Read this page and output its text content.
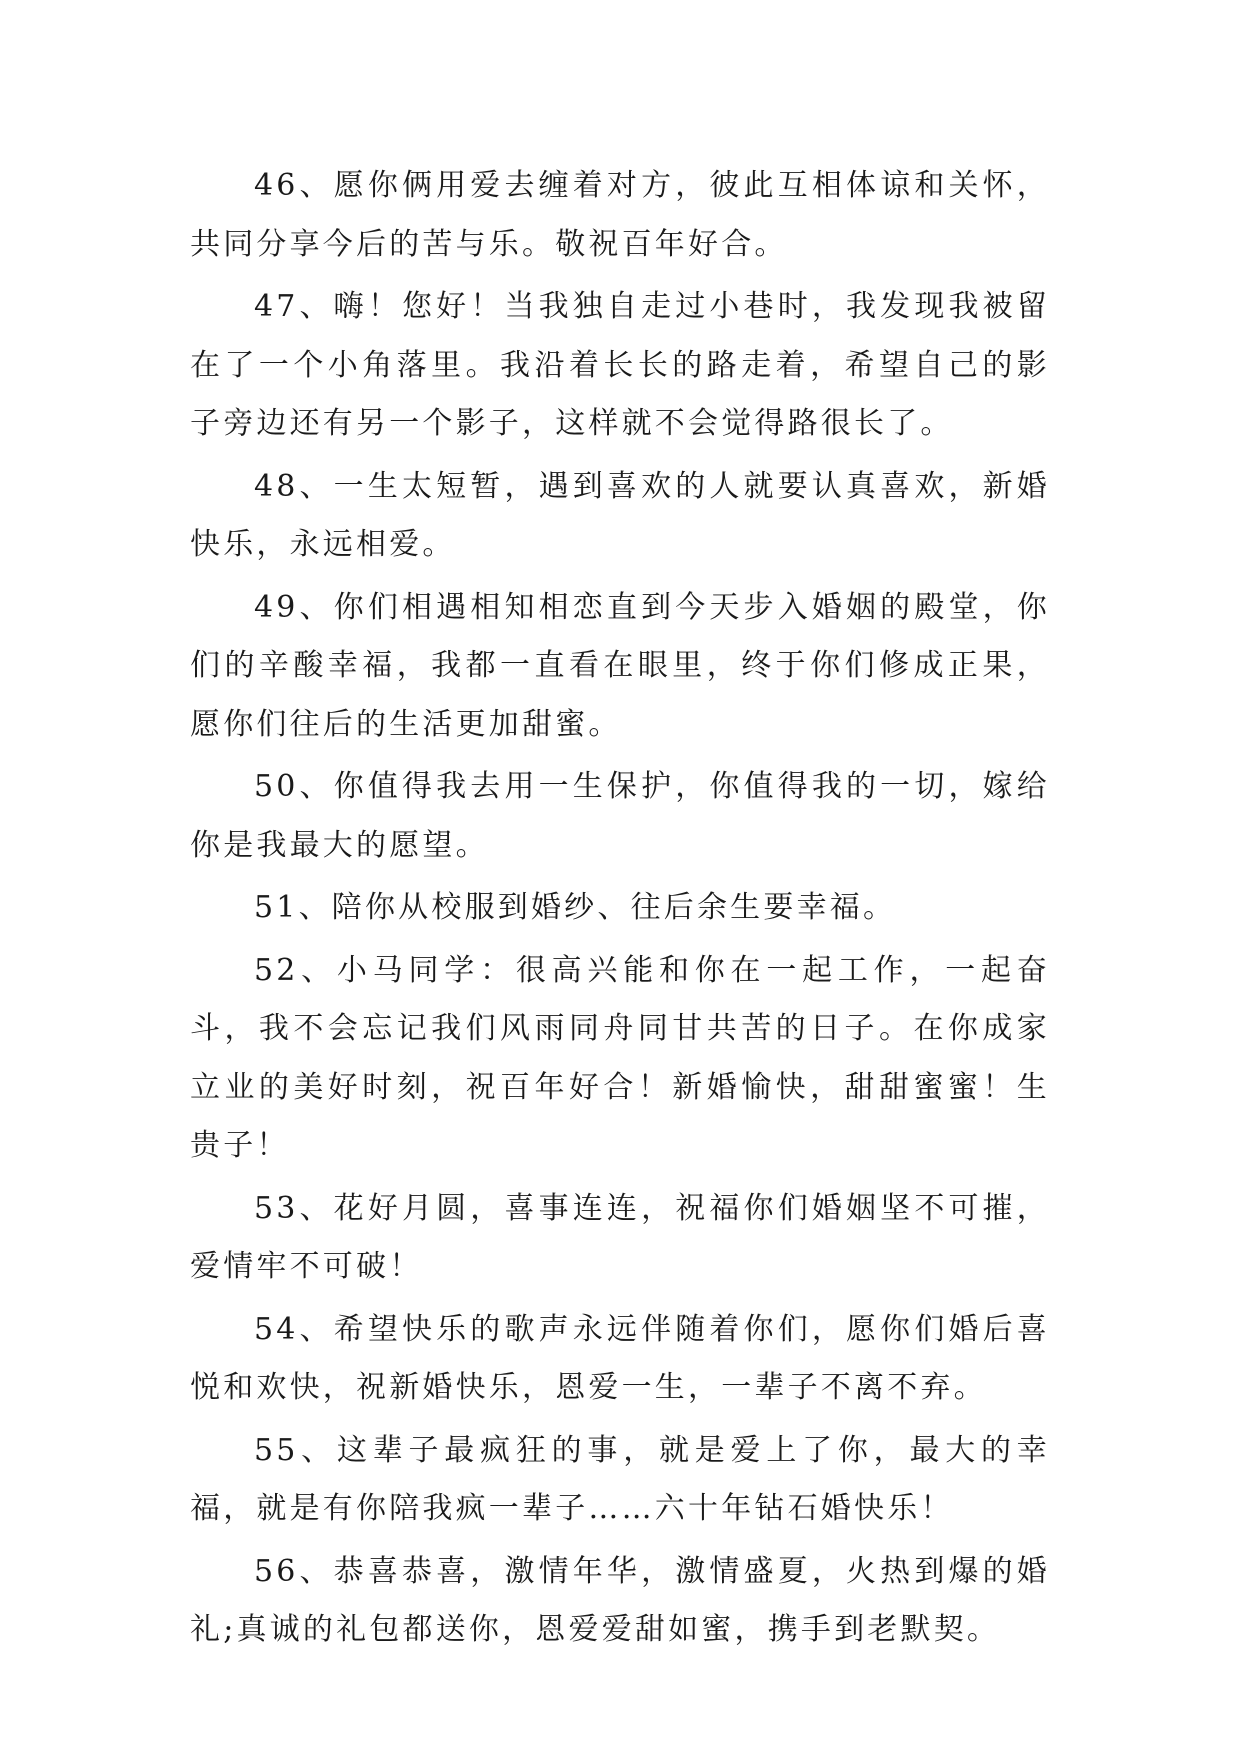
46、愿你俩用爱去缠着对方，彼此互相体谅和关怀，共同分享今后的苦与乐。敬祝百年好合。

47、嗨！您好！当我独自走过小巷时，我发现我被留在了一个小角落里。我沿着长长的路走着，希望自己的影子旁边还有另一个影子，这样就不会觉得路很长了。

48、一生太短暂，遇到喜欢的人就要认真喜欢，新婚快乐，永远相爱。

49、你们相遇相知相恋直到今天步入婚姻的殿堂，你们的辛酸幸福，我都一直看在眼里，终于你们修成正果，愿你们往后的生活更加甜蜜。

50、你值得我去用一生保护，你值得我的一切，嫁给你是我最大的愿望。

51、陪你从校服到婚纱、往后余生要幸福。

52、小马同学：很高兴能和你在一起工作，一起奋斗，我不会忘记我们风雨同舟同甘共苦的日子。在你成家立业的美好时刻，祝百年好合！新婚愉快，甜甜蜜蜜！生贵子！

53、花好月圆，喜事连连，祝福你们婚姻坚不可摧，爱情牢不可破！

54、希望快乐的歌声永远伴随着你们，愿你们婚后喜悦和欢快，祝新婚快乐，恩爱一生，一辈子不离不弃。

55、这辈子最疯狂的事，就是爱上了你，最大的幸福，就是有你陪我疯一辈子……六十年钻石婚快乐！

56、恭喜恭喜，激情年华，激情盛夏，火热到爆的婚礼;真诚的礼包都送你，恩爱爱甜如蜜，携手到老默契。
